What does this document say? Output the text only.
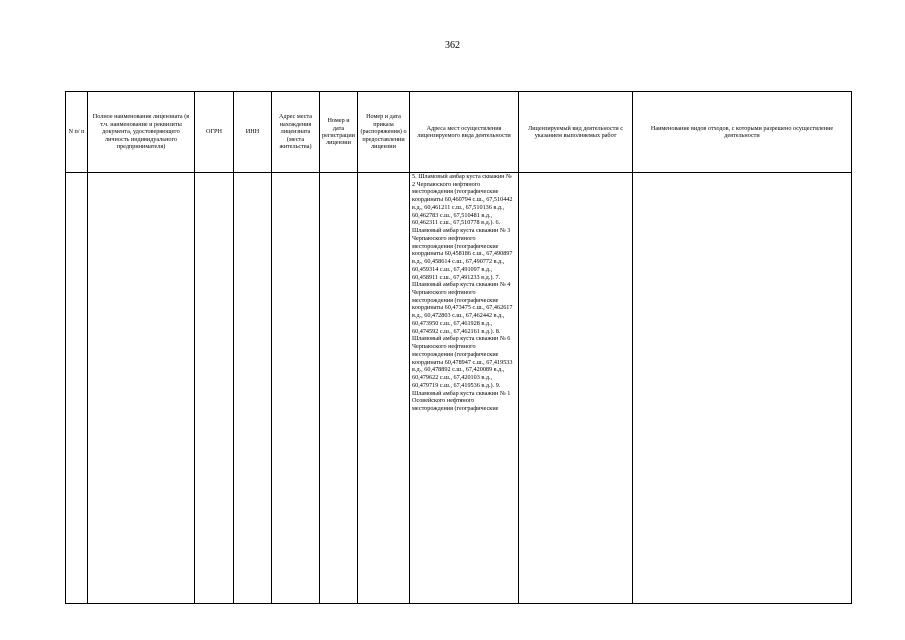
362
N п/ п	Полное наименование лицензиата (в т.ч. наименование и реквизиты документа, удостоверяющего личность индивидуального предпринимателя)	ОГРН	ИНН	Адрес места нахождения лицензиата (места жительства)	Номер и дата регистрации лицензии	Номер и дата приказа (распоряжения) о предоставлении лицензии	Адреса мест осуществления лицензируемого вида деятельности	Лицензируемый вид деятельности с указанием выполняемых работ	Наименование видов отходов, с которыми разрешено осуществление деятельности

							5. Шламовый амбар куста скважин № 2 Черпаюского нефтяного месторождения (географические координаты 60,460794 с.ш., 67,510442 в.д., 60,461211 с.ш., 67,510136 в.д., 60,462783 с.ш., 67,510481 в.д., 60,462311 с.ш., 67,510778 в.д.). 6. Шламовый амбар куста скважин № 3 Черпаюского нефтяного месторождения (географические координаты 60,458186 с.ш., 67,490897 в.д., 60,458614 с.ш., 67,490772 в.д., 60,459314 с.ш., 67,491097 в.д., 60,458911 с.ш., 67,491233 в.д.). 7. Шламовый амбар куста скважин № 4 Черпаюского нефтяного месторождения (географические координаты 60,473475 с.ш., 67,462617 в.д., 60,472803 с.ш., 67,462442 в.д., 60,473950 с.ш., 67,461928 в.д., 60,474592 с.ш., 67,462161 в.д.). 8. Шламовый амбар куста скважин № 6 Черпаюского нефтяного месторождения (географические координаты 60,478947 с.ш., 67,419533 в.д., 60,478892 с.ш., 67,420089 в.д., 60,479622 с.ш., 67,420103 в.д., 60,479719 с.ш., 67,419536 в.д.). 9. Шламовый амбар куста скважин № 1 Осовейского нефтяного месторождения (географические		
